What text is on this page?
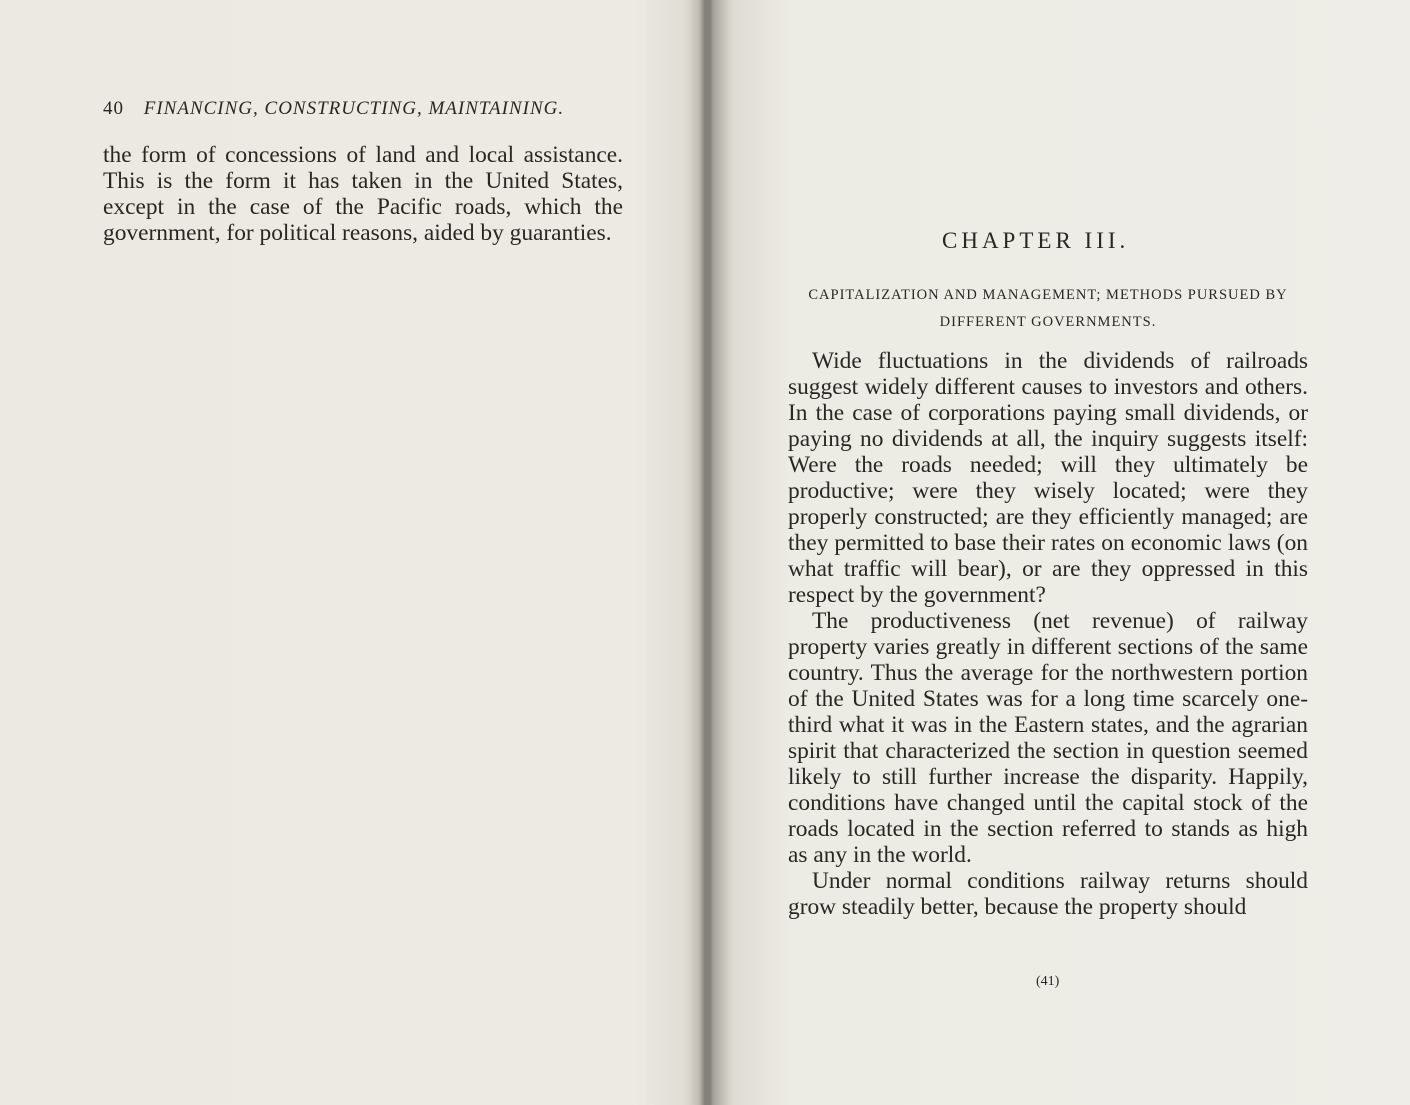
40 FINANCING, CONSTRUCTING, MAINTAINING.

the form of concessions of land and local assistance. This is the form it has taken in the United States, except in the case of the Pacific roads, which the government, for political reasons, aided by guaranties.	CHAPTER III.
CAPITALIZATION AND MANAGEMENT; METHODS PURSUED BY DIFFERENT GOVERNMENTS.

Wide fluctuations in the dividends of railroads suggest widely different causes to investors and others. In the case of corporations paying small dividends, or paying no dividends at all, the inquiry suggests itself: Were the roads needed; will they ultimately be productive; were they wisely located; were they properly constructed; are they efficiently managed; are they permitted to base their rates on economic laws (on what traffic will bear), or are they oppressed in this respect by the government?

The productiveness (net revenue) of railway property varies greatly in different sections of the same country. Thus the average for the northwestern portion of the United States was for a long time scarcely one-third what it was in the Eastern states, and the agrarian spirit that characterized the section in question seemed likely to still further increase the disparity. Happily, conditions have changed until the capital stock of the roads located in the section referred to stands as high as any in the world.

Under normal conditions railway returns should grow steadily better, because the property should

(41)
